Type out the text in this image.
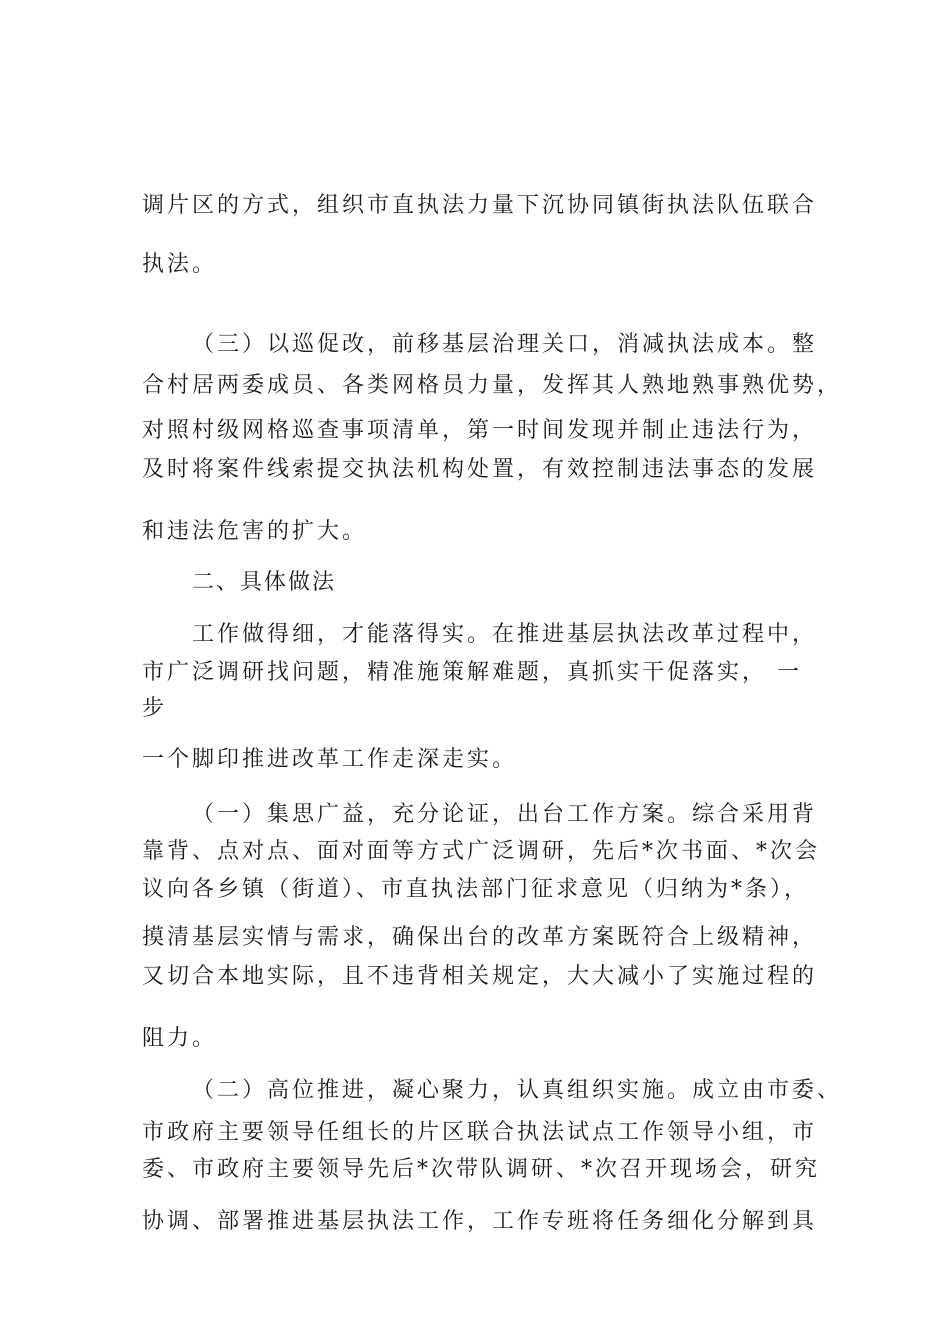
调片区的方式，组织市直执法力量下沉协同镇街执法队伍联合
执法。
（三）以巡促改，前移基层治理关口，消减执法成本。整
合村居两委成员、各类网格员力量，发挥其人熟地熟事熟优势，
对照村级网格巡查事项清单，第一时间发现并制止违法行为，
及时将案件线索提交执法机构处置，有效控制违法事态的发展
和违法危害的扩大。
二、具体做法
工作做得细，才能落得实。在推进基层执法改革过程中，
市广泛调研找问题，精准施策解难题，真抓实干促落实， 一
步
一个脚印推进改革工作走深走实。
（一）集思广益，充分论证，出台工作方案。综合采用背
靠背、点对点、面对面等方式广泛调研，先后*次书面、*次会
议向各乡镇（街道）、市直执法部门征求意见（归纳为*条），
摸清基层实情与需求，确保出台的改革方案既符合上级精神，
又切合本地实际，且不违背相关规定，大大减小了实施过程的
阻力。
（二）高位推进，凝心聚力，认真组织实施。成立由市委、
市政府主要领导任组长的片区联合执法试点工作领导小组，市
委、市政府主要领导先后*次带队调研、*次召开现场会，研究
协调、部署推进基层执法工作，工作专班将任务细化分解到具
